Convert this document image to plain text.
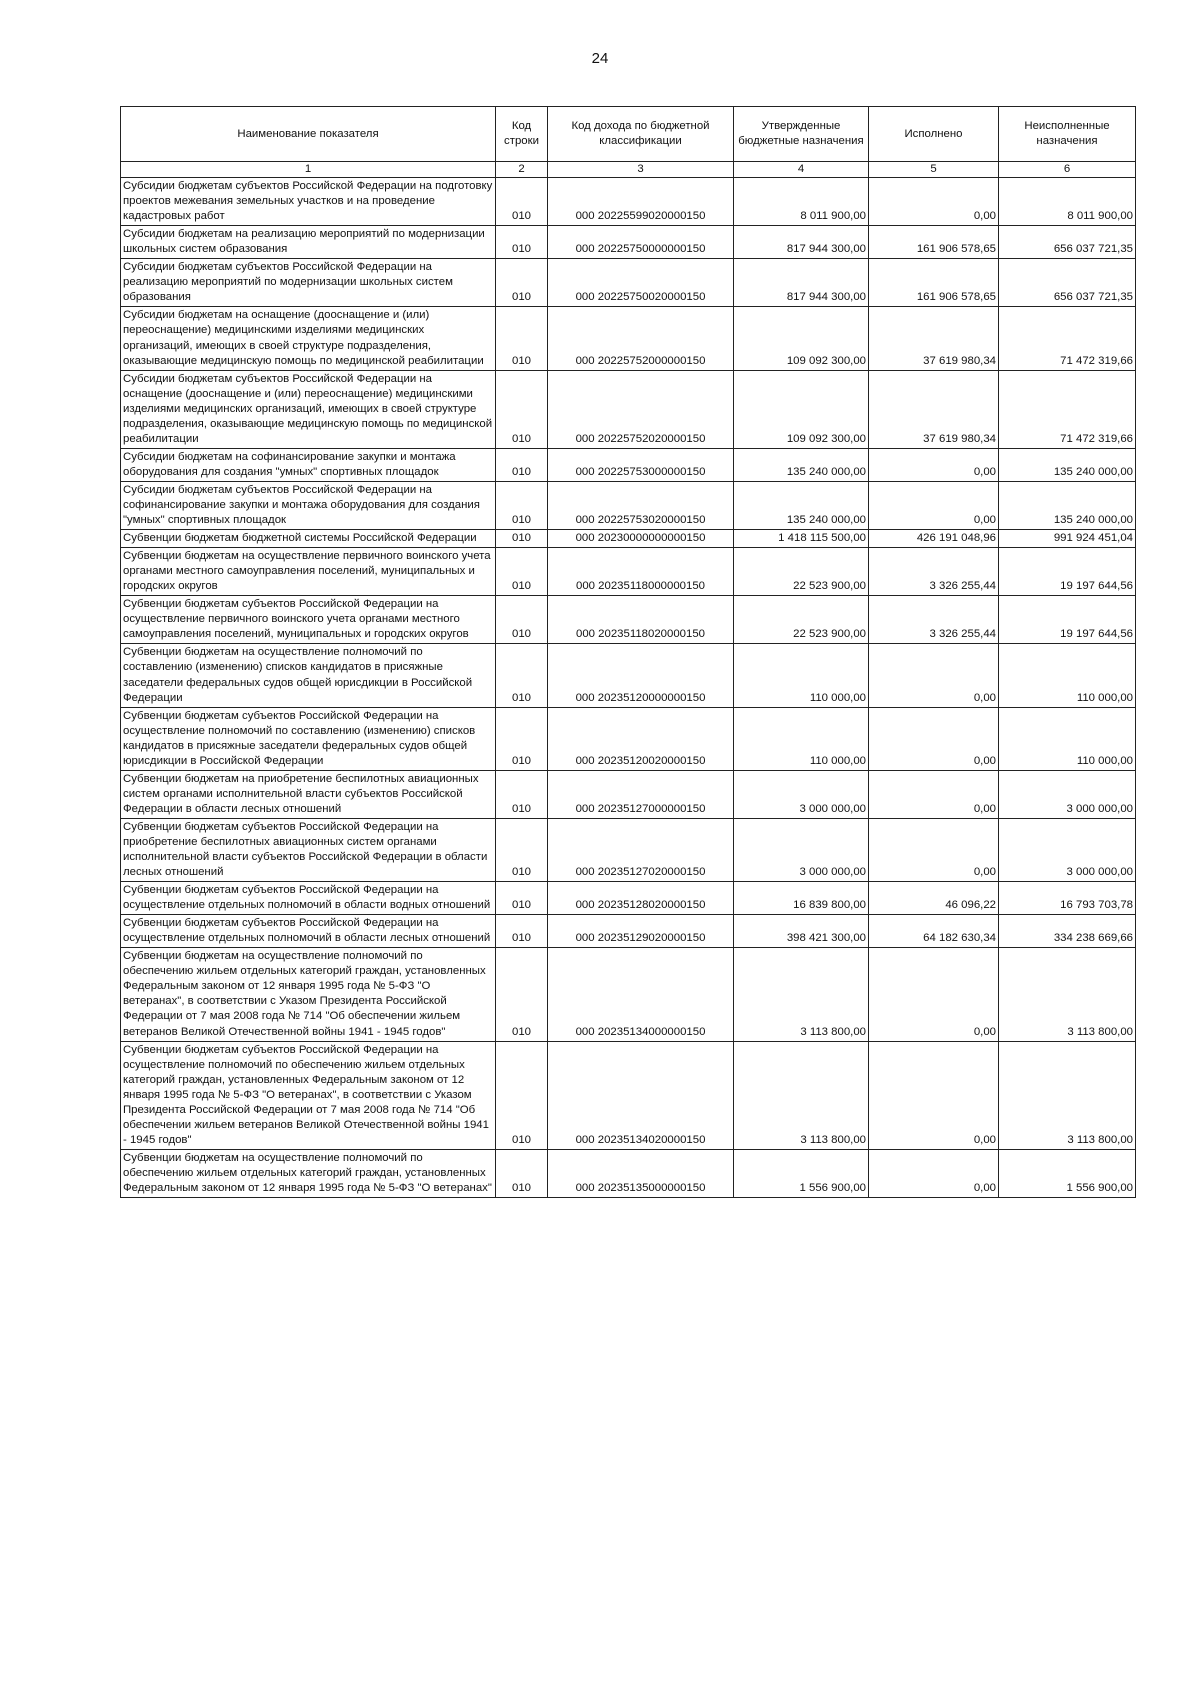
24
Наименование показателя	Код строки	Код дохода по бюджетной классификации	Утвержденные бюджетные назначения	Исполнено	Неисполненные назначения
1	2	3	4	5	6
Субсидии бюджетам субъектов Российской Федерации на подготовку проектов межевания земельных участков и на проведение кадастровых работ	010	000 20225599020000150	8 011 900,00	0,00	8 011 900,00
Субсидии бюджетам на реализацию мероприятий по модернизации школьных систем образования	010	000 20225750000000150	817 944 300,00	161 906 578,65	656 037 721,35
Субсидии бюджетам субъектов Российской Федерации на реализацию мероприятий по модернизации школьных систем образования	010	000 20225750020000150	817 944 300,00	161 906 578,65	656 037 721,35
Субсидии бюджетам на оснащение (дооснащение и (или) переоснащение) медицинскими изделиями медицинских организаций, имеющих в своей структуре подразделения, оказывающие медицинскую помощь по медицинской реабилитации	010	000 20225752000000150	109 092 300,00	37 619 980,34	71 472 319,66
Субсидии бюджетам субъектов Российской Федерации на оснащение (дооснащение и (или) переоснащение) медицинскими изделиями медицинских организаций, имеющих в своей структуре подразделения, оказывающие медицинскую помощь по медицинской реабилитации	010	000 20225752020000150	109 092 300,00	37 619 980,34	71 472 319,66
Субсидии бюджетам на софинансирование закупки и монтажа оборудования для создания "умных" спортивных площадок	010	000 20225753000000150	135 240 000,00	0,00	135 240 000,00
Субсидии бюджетам субъектов Российской Федерации на софинансирование закупки и монтажа оборудования для создания "умных" спортивных площадок	010	000 20225753020000150	135 240 000,00	0,00	135 240 000,00
Субвенции бюджетам бюджетной системы Российской Федерации	010	000 20230000000000150	1 418 115 500,00	426 191 048,96	991 924 451,04
Субвенции бюджетам на осуществление первичного воинского учета органами местного самоуправления поселений, муниципальных и городских округов	010	000 20235118000000150	22 523 900,00	3 326 255,44	19 197 644,56
Субвенции бюджетам субъектов Российской Федерации на осуществление первичного воинского учета органами местного самоуправления поселений, муниципальных и городских округов	010	000 20235118020000150	22 523 900,00	3 326 255,44	19 197 644,56
Субвенции бюджетам на осуществление полномочий по составлению (изменению) списков кандидатов в присяжные заседатели федеральных судов общей юрисдикции в Российской Федерации	010	000 20235120000000150	110 000,00	0,00	110 000,00
Субвенции бюджетам субъектов Российской Федерации на осуществление полномочий по составлению (изменению) списков кандидатов в присяжные заседатели федеральных судов общей юрисдикции в Российской Федерации	010	000 20235120020000150	110 000,00	0,00	110 000,00
Субвенции бюджетам на приобретение беспилотных авиационных систем органами исполнительной власти субъектов Российской Федерации в области лесных отношений	010	000 20235127000000150	3 000 000,00	0,00	3 000 000,00
Субвенции бюджетам субъектов Российской Федерации на приобретение беспилотных авиационных систем органами исполнительной власти субъектов Российской Федерации в области лесных отношений	010	000 20235127020000150	3 000 000,00	0,00	3 000 000,00
Субвенции бюджетам субъектов Российской Федерации на осуществление отдельных полномочий в области водных отношений	010	000 20235128020000150	16 839 800,00	46 096,22	16 793 703,78
Субвенции бюджетам субъектов Российской Федерации на осуществление отдельных полномочий в области лесных отношений	010	000 20235129020000150	398 421 300,00	64 182 630,34	334 238 669,66
Субвенции бюджетам на осуществление полномочий по обеспечению жильем отдельных категорий граждан, установленных Федеральным законом от 12 января 1995 года № 5-ФЗ "О ветеранах", в соответствии с Указом Президента Российской Федерации от 7 мая 2008 года № 714 "Об обеспечении жильем ветеранов Великой Отечественной войны 1941 - 1945 годов"	010	000 20235134000000150	3 113 800,00	0,00	3 113 800,00
Субвенции бюджетам субъектов Российской Федерации на осуществление полномочий по обеспечению жильем отдельных категорий граждан, установленных Федеральным законом от 12 января 1995 года № 5-ФЗ "О ветеранах", в соответствии с Указом Президента Российской Федерации от 7 мая 2008 года № 714 "Об обеспечении жильем ветеранов Великой Отечественной войны 1941 - 1945 годов"	010	000 20235134020000150	3 113 800,00	0,00	3 113 800,00
Субвенции бюджетам на осуществление полномочий по обеспечению жильем отдельных категорий граждан, установленных Федеральным законом от 12 января 1995 года № 5-ФЗ "О ветеранах"	010	000 20235135000000150	1 556 900,00	0,00	1 556 900,00
